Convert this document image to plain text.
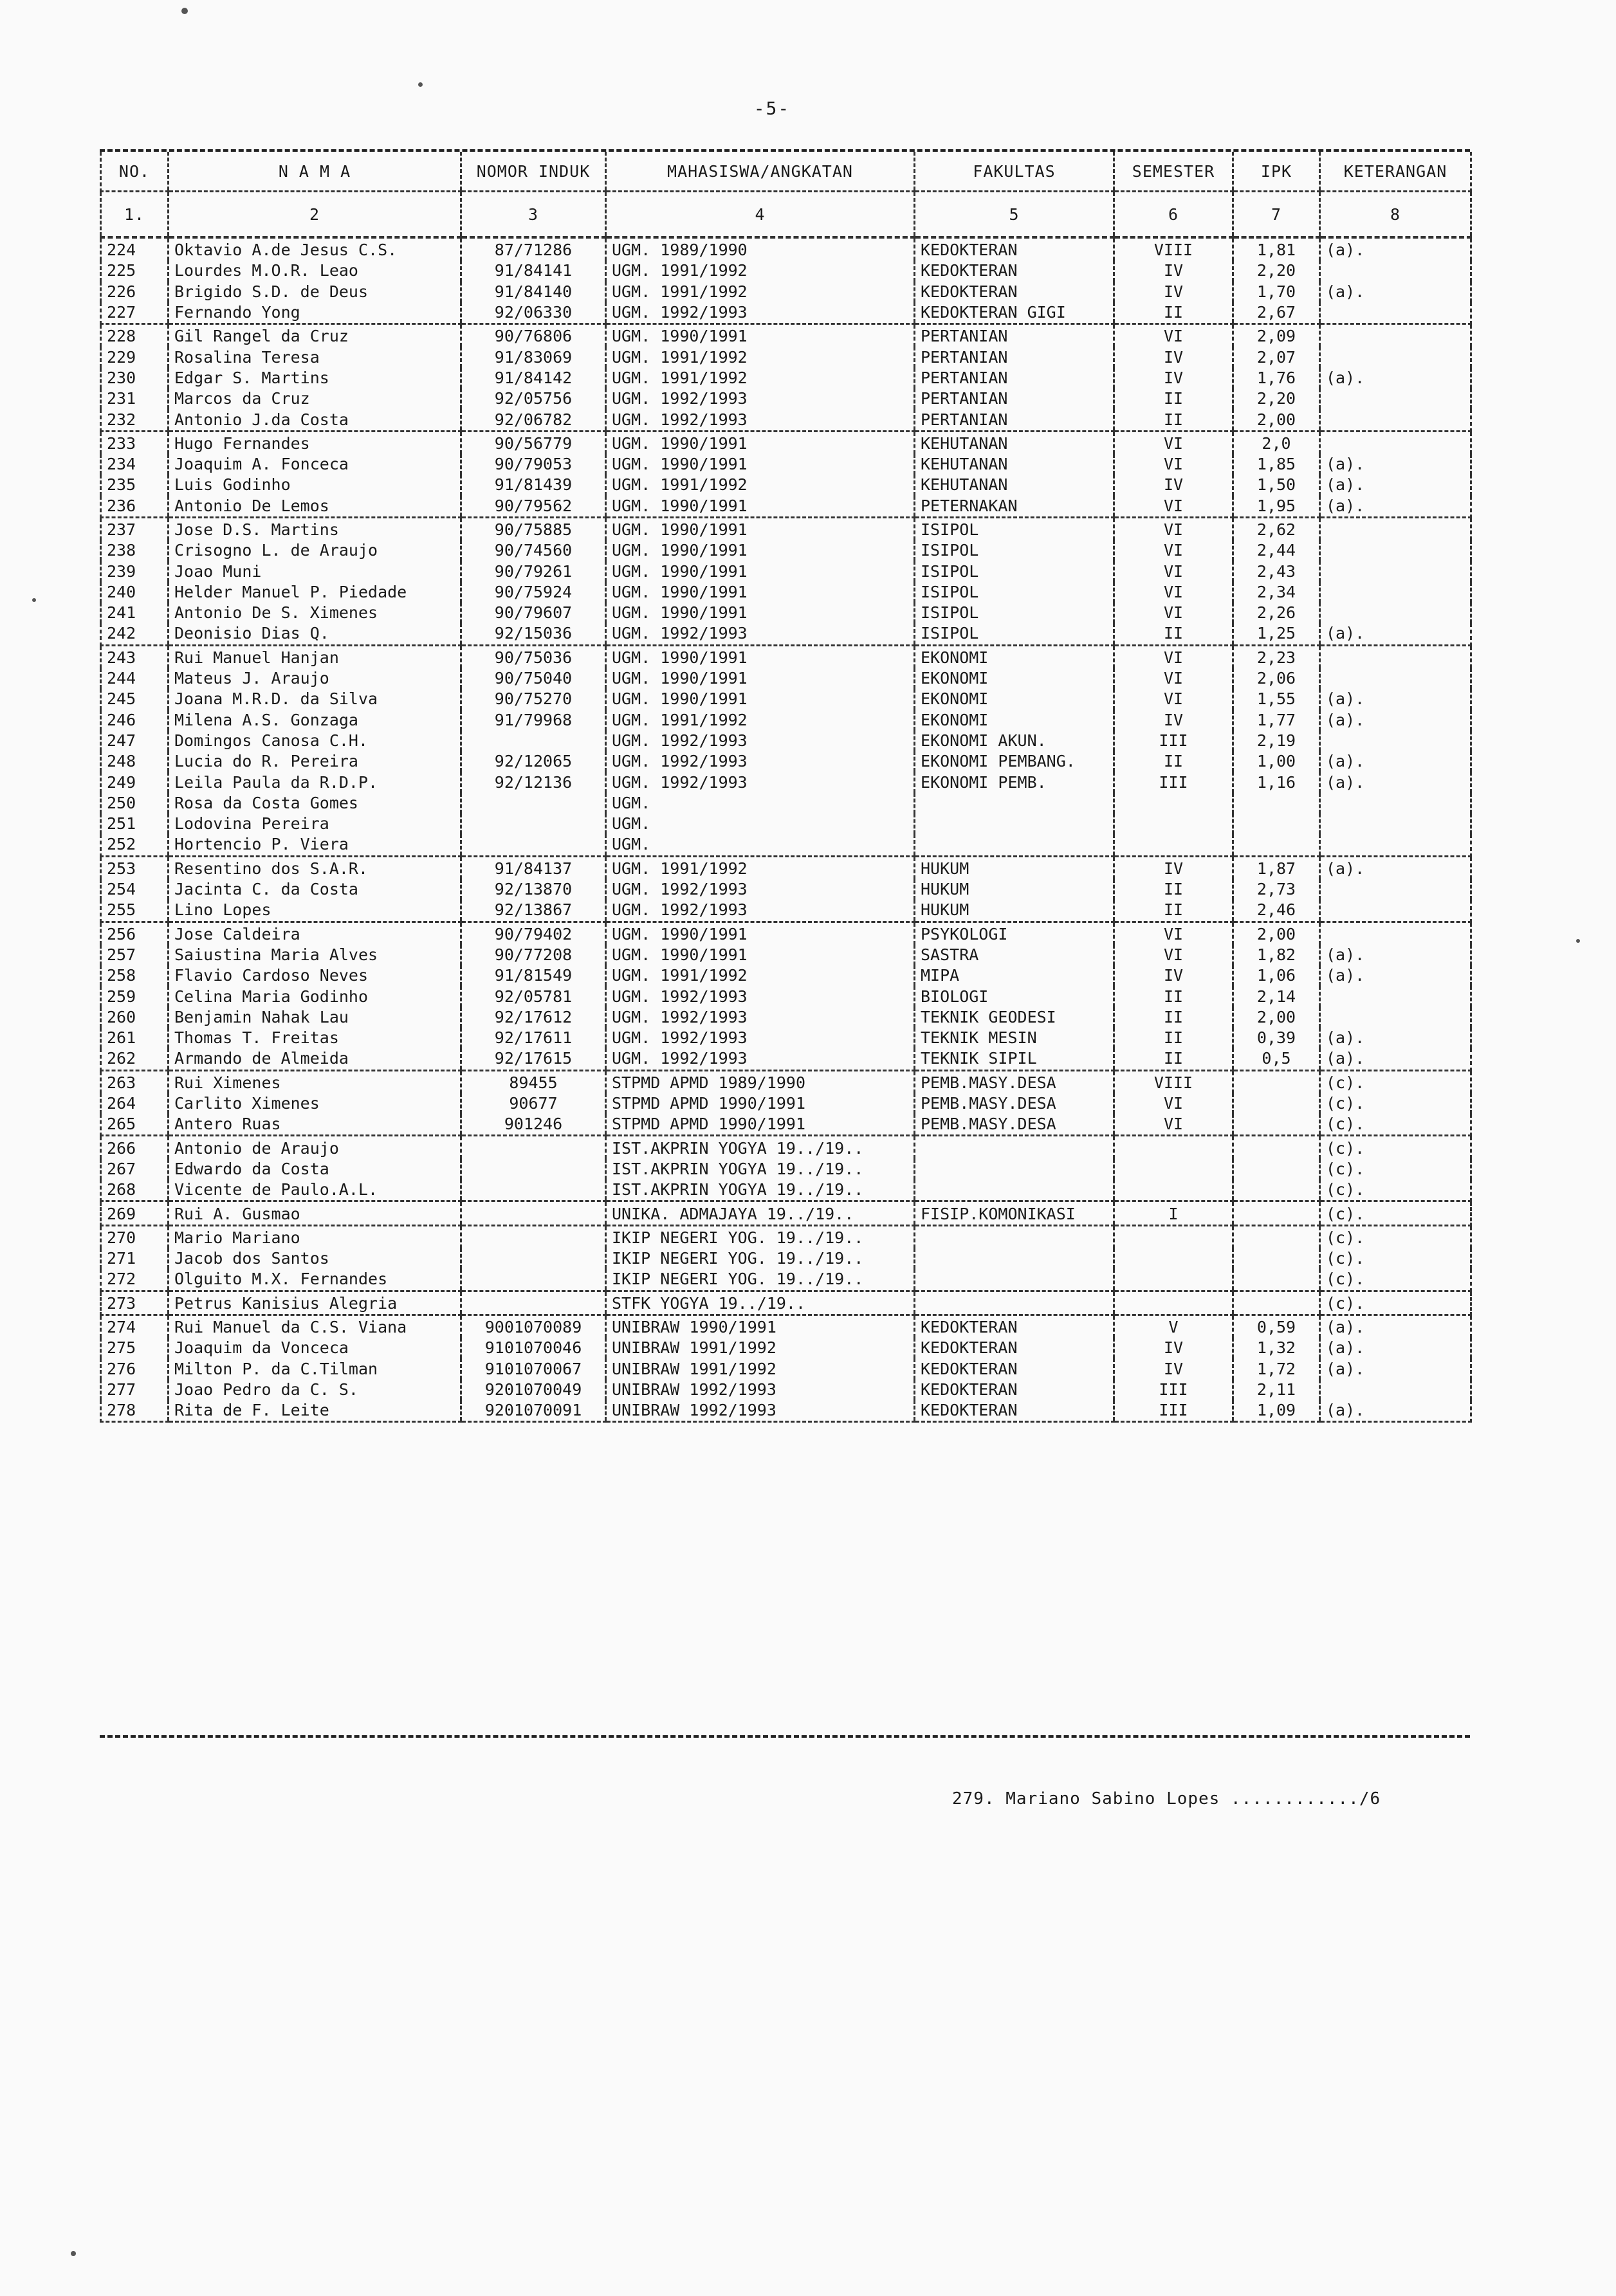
-5-
NO.	N A M A	NOMOR INDUK	MAHASISWA/ANGKATAN	FAKULTAS	SEMESTER	IPK	KETERANGAN
1.	2	3	4	5	6	7	8
224	Oktavio A.de Jesus C.S.	87/71286	UGM. 1989/1990	KEDOKTERAN	VIII	1,81	(a).
225	Lourdes M.O.R. Leao	91/84141	UGM. 1991/1992	KEDOKTERAN	IV	2,20	
226	Brigido S.D. de Deus	91/84140	UGM. 1991/1992	KEDOKTERAN	IV	1,70	(a).
227	Fernando Yong	92/06330	UGM. 1992/1993	KEDOKTERAN GIGI	II	2,67	
228	Gil Rangel da Cruz	90/76806	UGM. 1990/1991	PERTANIAN	VI	2,09	
229	Rosalina Teresa	91/83069	UGM. 1991/1992	PERTANIAN	IV	2,07	
230	Edgar S. Martins	91/84142	UGM. 1991/1992	PERTANIAN	IV	1,76	(a).
231	Marcos da Cruz	92/05756	UGM. 1992/1993	PERTANIAN	II	2,20	
232	Antonio J.da Costa	92/06782	UGM. 1992/1993	PERTANIAN	II	2,00	
233	Hugo Fernandes	90/56779	UGM. 1990/1991	KEHUTANAN	VI	2,0	
234	Joaquim A. Fonceca	90/79053	UGM. 1990/1991	KEHUTANAN	VI	1,85	(a).
235	Luis Godinho	91/81439	UGM. 1991/1992	KEHUTANAN	IV	1,50	(a).
236	Antonio De Lemos	90/79562	UGM. 1990/1991	PETERNAKAN	VI	1,95	(a).
237	Jose D.S. Martins	90/75885	UGM. 1990/1991	ISIPOL	VI	2,62	
238	Crisogno L. de Araujo	90/74560	UGM. 1990/1991	ISIPOL	VI	2,44	
239	Joao Muni	90/79261	UGM. 1990/1991	ISIPOL	VI	2,43	
240	Helder Manuel P. Piedade	90/75924	UGM. 1990/1991	ISIPOL	VI	2,34	
241	Antonio De S. Ximenes	90/79607	UGM. 1990/1991	ISIPOL	VI	2,26	
242	Deonisio Dias Q.	92/15036	UGM. 1992/1993	ISIPOL	II	1,25	(a).
243	Rui Manuel Hanjan	90/75036	UGM. 1990/1991	EKONOMI	VI	2,23	
244	Mateus J. Araujo	90/75040	UGM. 1990/1991	EKONOMI	VI	2,06	
245	Joana M.R.D. da Silva	90/75270	UGM. 1990/1991	EKONOMI	VI	1,55	(a).
246	Milena A.S. Gonzaga	91/79968	UGM. 1991/1992	EKONOMI	IV	1,77	(a).
247	Domingos Canosa C.H.		UGM. 1992/1993	EKONOMI AKUN.	III	2,19	
248	Lucia do R. Pereira	92/12065	UGM. 1992/1993	EKONOMI PEMBANG.	II	1,00	(a).
249	Leila Paula da R.D.P.	92/12136	UGM. 1992/1993	EKONOMI PEMB.	III	1,16	(a).
250	Rosa da Costa Gomes		UGM.				
251	Lodovina Pereira		UGM.				
252	Hortencio P. Viera		UGM.				
253	Resentino dos S.A.R.	91/84137	UGM. 1991/1992	HUKUM	IV	1,87	(a).
254	Jacinta C. da Costa	92/13870	UGM. 1992/1993	HUKUM	II	2,73	
255	Lino Lopes	92/13867	UGM. 1992/1993	HUKUM	II	2,46	
256	Jose Caldeira	90/79402	UGM. 1990/1991	PSYKOLOGI	VI	2,00	
257	Saiustina Maria Alves	90/77208	UGM. 1990/1991	SASTRA	VI	1,82	(a).
258	Flavio Cardoso Neves	91/81549	UGM. 1991/1992	MIPA	IV	1,06	(a).
259	Celina Maria Godinho	92/05781	UGM. 1992/1993	BIOLOGI	II	2,14	
260	Benjamin Nahak Lau	92/17612	UGM. 1992/1993	TEKNIK GEODESI	II	2,00	
261	Thomas T. Freitas	92/17611	UGM. 1992/1993	TEKNIK MESIN	II	0,39	(a).
262	Armando de Almeida	92/17615	UGM. 1992/1993	TEKNIK SIPIL	II	0,5	(a).
263	Rui Ximenes	89455	STPMD APMD 1989/1990	PEMB.MASY.DESA	VIII		(c).
264	Carlito Ximenes	90677	STPMD APMD 1990/1991	PEMB.MASY.DESA	VI		(c).
265	Antero Ruas	901246	STPMD APMD 1990/1991	PEMB.MASY.DESA	VI		(c).
266	Antonio de Araujo		IST.AKPRIN YOGYA 19../19..				(c).
267	Edwardo da Costa		IST.AKPRIN YOGYA 19../19..				(c).
268	Vicente de Paulo.A.L.		IST.AKPRIN YOGYA 19../19..				(c).
269	Rui A. Gusmao		UNIKA. ADMAJAYA 19../19..	FISIP.KOMONIKASI	I		(c).
270	Mario Mariano		IKIP NEGERI YOG. 19../19..				(c).
271	Jacob dos Santos		IKIP NEGERI YOG. 19../19..				(c).
272	Olguito M.X. Fernandes		IKIP NEGERI YOG. 19../19..				(c).
273	Petrus Kanisius Alegria		STFK YOGYA 19../19..				(c).
274	Rui Manuel da C.S. Viana	9001070089	UNIBRAW 1990/1991	KEDOKTERAN	V	0,59	(a).
275	Joaquim da Vonceca	9101070046	UNIBRAW 1991/1992	KEDOKTERAN	IV	1,32	(a).
276	Milton P. da C.Tilman	9101070067	UNIBRAW 1991/1992	KEDOKTERAN	IV	1,72	(a).
277	Joao Pedro da C. S.	9201070049	UNIBRAW 1992/1993	KEDOKTERAN	III	2,11	
278	Rita de F. Leite	9201070091	UNIBRAW 1992/1993	KEDOKTERAN	III	1,09	(a).
279. Mariano Sabino Lopes ............/6
